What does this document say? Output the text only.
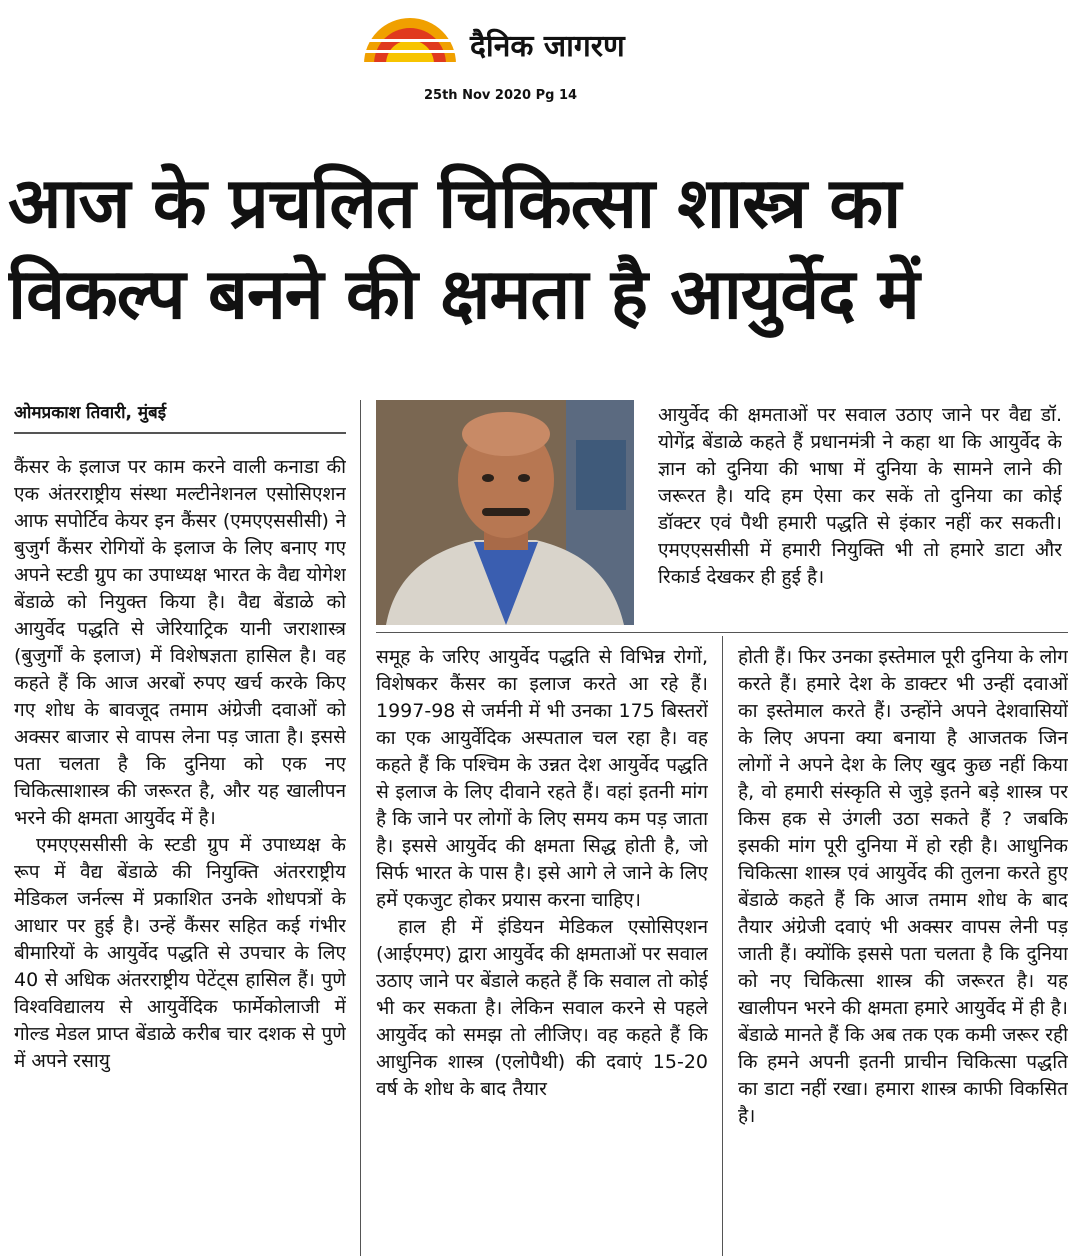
दैनिक जागरण
25th Nov 2020 Pg 14
आज के प्रचलित चिकित्सा शास्त्र का
विकल्प बनने की क्षमता है आयुर्वेद में
ओमप्रकाश तिवारी, मुंबई

कैंसर के इलाज पर काम करने वाली कनाडा की एक अंतरराष्ट्रीय संस्था मल्टीनेशनल एसोसिएशन आफ सपोर्टिव केयर इन कैंसर (एमएएससीसी) ने बुजुर्ग कैंसर रोगियों के इलाज के लिए बनाए गए अपने स्टडी ग्रुप का उपाध्यक्ष भारत के वैद्य योगेश बेंडाळे को नियुक्त किया है। वैद्य बेंडाळे को आयुर्वेद पद्धति से जेरियाट्रिक यानी जराशास्त्र (बुजुर्गों के इलाज) में विशेषज्ञता हासिल है। वह कहते हैं कि आज अरबों रुपए खर्च करके किए गए शोध के बावजूद तमाम अंग्रेजी दवाओं को अक्सर बाजार से वापस लेना पड़ जाता है। इससे पता चलता है कि दुनिया को एक नए चिकित्साशास्त्र की जरूरत है, और यह खालीपन भरने की क्षमता आयुर्वेद में है।

एमएएससीसी के स्टडी ग्रुप में उपाध्यक्ष के रूप में वैद्य बेंडाळे की नियुक्ति अंतरराष्ट्रीय मेडिकल जर्नल्स में प्रकाशित उनके शोधपत्रों के आधार पर हुई है। उन्हें कैंसर सहित कई गंभीर बीमारियों के आयुर्वेद पद्धति से उपचार के लिए 40 से अधिक अंतरराष्ट्रीय पेटेंट्स हासिल हैं। पुणे विश्वविद्यालय से आयुर्वेदिक फार्मेकोलाजी में गोल्ड मेडल प्राप्त बेंडाळे करीब चार दशक से पुणे में अपने रसायु

आयुर्वेद की क्षमताओं पर सवाल उठाए जाने पर वैद्य डॉ. योगेंद्र बेंडाळे कहते हैं प्रधानमंत्री ने कहा था कि आयुर्वेद के ज्ञान को दुनिया की भाषा में दुनिया के सामने लाने की जरूरत है। यदि हम ऐसा कर सकें तो दुनिया का कोई डॉक्टर एवं पैथी हमारी पद्धति से इंकार नहीं कर सकती। एमएएससीसी में हमारी नियुक्ति भी तो हमारे डाटा और रिकार्ड देखकर ही हुई है।

समूह के जरिए आयुर्वेद पद्धति से विभिन्न रोगों, विशेषकर कैंसर का इलाज करते आ रहे हैं। 1997-98 से जर्मनी में भी उनका 175 बिस्तरों का एक आयुर्वेदिक अस्पताल चल रहा है। वह कहते हैं कि पश्चिम के उन्नत देश आयुर्वेद पद्धति से इलाज के लिए दीवाने रहते हैं। वहां इतनी मांग है कि जाने पर लोगों के लिए समय कम पड़ जाता है। इससे आयुर्वेद की क्षमता सिद्ध होती है, जो सिर्फ भारत के पास है। इसे आगे ले जाने के लिए हमें एकजुट होकर प्रयास करना चाहिए।

हाल ही में इंडियन मेडिकल एसोसिएशन (आईएमए) द्वारा आयुर्वेद की क्षमताओं पर सवाल उठाए जाने पर बेंडाले कहते हैं कि सवाल तो कोई भी कर सकता है। लेकिन सवाल करने से पहले आयुर्वेद को समझ तो लीजिए। वह कहते हैं कि आधुनिक शास्त्र (एलोपैथी) की दवाएं 15-20 वर्ष के शोध के बाद तैयार

होती हैं। फिर उनका इस्तेमाल पूरी दुनिया के लोग करते हैं। हमारे देश के डाक्टर भी उन्हीं दवाओं का इस्तेमाल करते हैं। उन्होंने अपने देशवासियों के लिए अपना क्या बनाया है आजतक जिन लोगों ने अपने देश के लिए खुद कुछ नहीं किया है, वो हमारी संस्कृति से जुड़े इतने बड़े शास्त्र पर किस हक से उंगली उठा सकते हैं ? जबकि इसकी मांग पूरी दुनिया में हो रही है। आधुनिक चिकित्सा शास्त्र एवं आयुर्वेद की तुलना करते हुए बेंडाळे कहते हैं कि आज तमाम शोध के बाद तैयार अंग्रेजी दवाएं भी अक्सर वापस लेनी पड़ जाती हैं। क्योंकि इससे पता चलता है कि दुनिया को नए चिकित्सा शास्त्र की जरूरत है। यह खालीपन भरने की क्षमता हमारे आयुर्वेद में ही है। बेंडाळे मानते हैं कि अब तक एक कमी जरूर रही कि हमने अपनी इतनी प्राचीन चिकित्सा पद्धति का डाटा नहीं रखा। हमारा शास्त्र काफी विकसित है।
